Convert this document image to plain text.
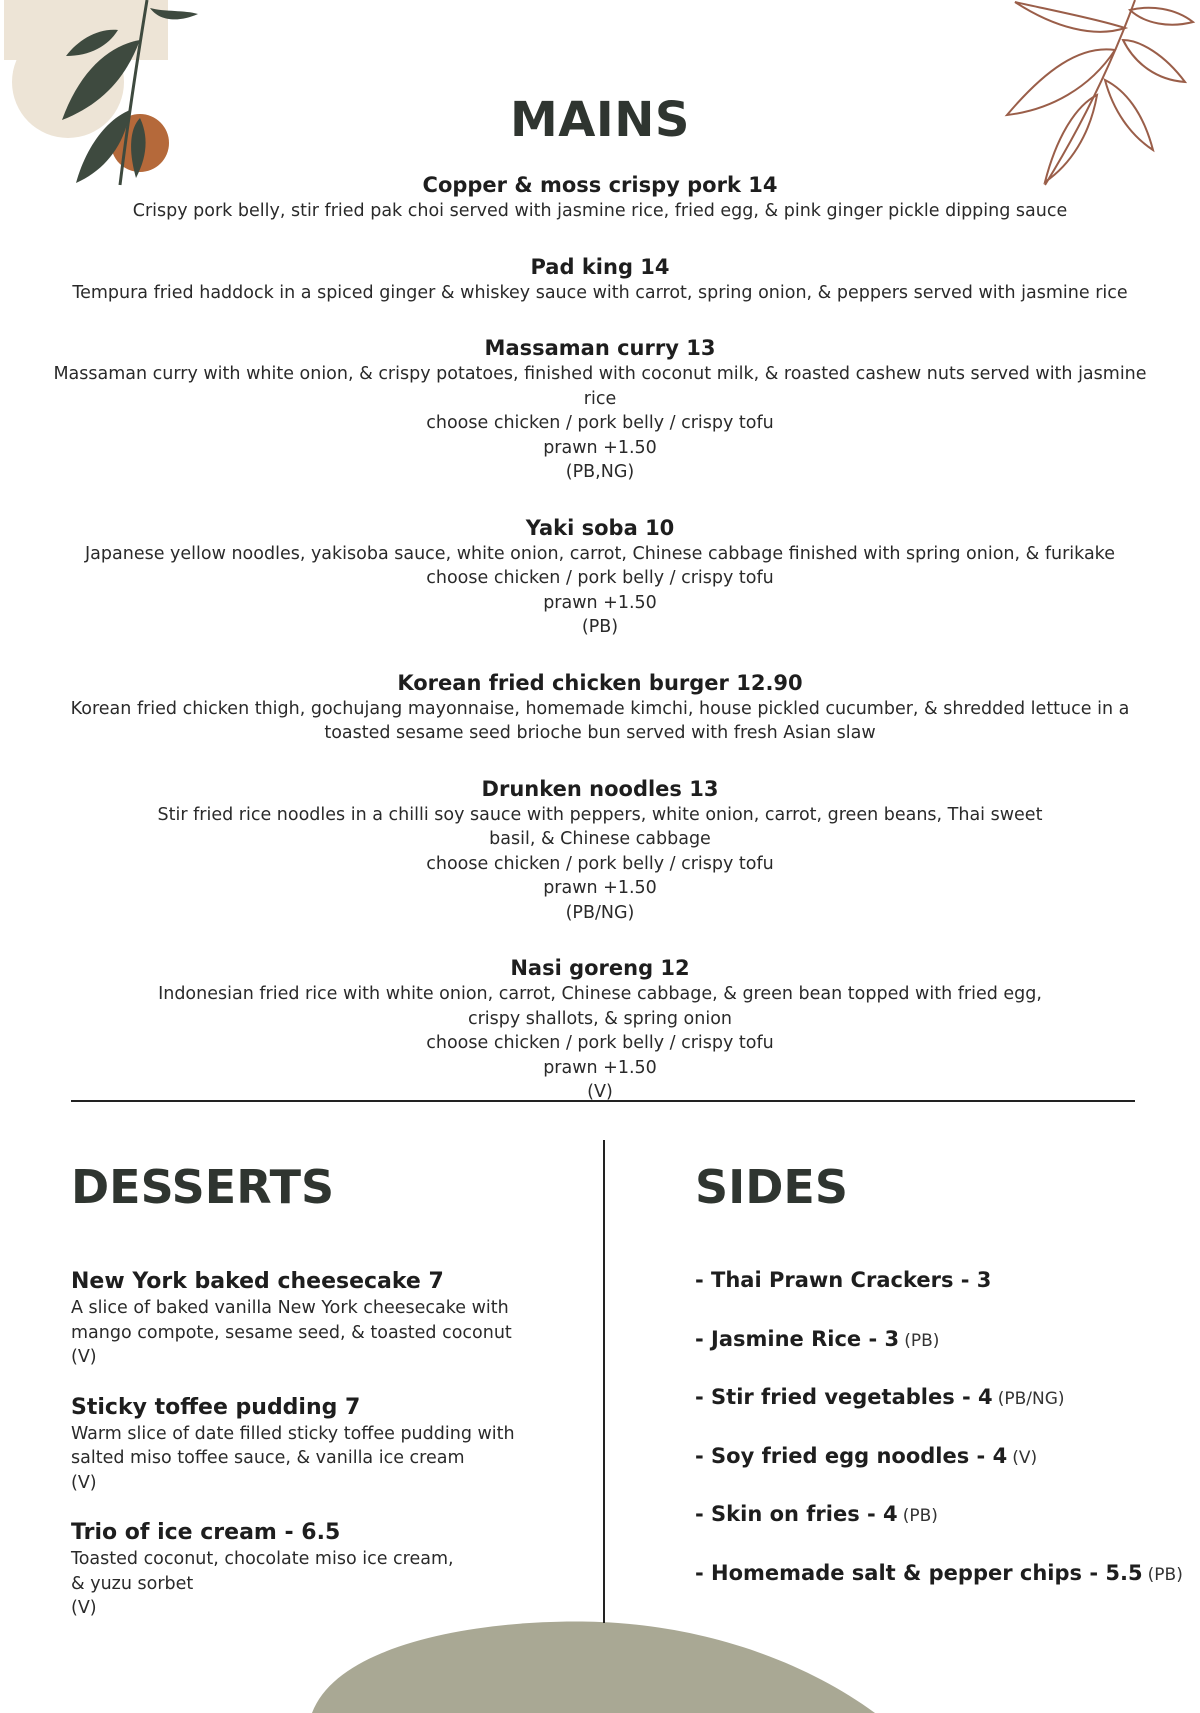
MAINS
Copper & moss crispy pork 14
Crispy pork belly, stir fried pak choi served with jasmine rice, fried egg, & pink ginger pickle dipping sauce
Pad king 14
Tempura fried haddock in a spiced ginger & whiskey sauce with carrot, spring onion, & peppers served with jasmine rice
Massaman curry 13
Massaman curry with white onion, & crispy potatoes, finished with coconut milk, & roasted cashew nuts served with jasmine rice
choose chicken / pork belly / crispy tofu
prawn +1.50
(PB,NG)
Yaki soba 10
Japanese yellow noodles, yakisoba sauce, white onion, carrot, Chinese cabbage finished with spring onion, & furikake
choose chicken / pork belly / crispy tofu
prawn +1.50
(PB)
Korean fried chicken burger 12.90
Korean fried chicken thigh, gochujang mayonnaise, homemade kimchi, house pickled cucumber, & shredded lettuce in a
toasted sesame seed brioche bun served with fresh Asian slaw
Drunken noodles 13
Stir fried rice noodles in a chilli soy sauce with peppers, white onion, carrot, green beans, Thai sweet
basil, & Chinese cabbage
choose chicken / pork belly / crispy tofu
prawn +1.50
(PB/NG)
Nasi goreng 12
Indonesian fried rice with white onion, carrot, Chinese cabbage, & green bean topped with fried egg,
crispy shallots, & spring onion
choose chicken / pork belly / crispy tofu
prawn +1.50
(V)
DESSERTS
New York baked cheesecake 7
A slice of baked vanilla New York cheesecake with
mango compote, sesame seed, & toasted coconut
(V)
Sticky toffee pudding 7
Warm slice of date filled sticky toffee pudding with
salted miso toffee sauce, & vanilla ice cream
(V)
Trio of ice cream - 6.5
Toasted coconut, chocolate miso ice cream,
& yuzu sorbet
(V)
SIDES
- Thai Prawn Crackers - 3
- Jasmine Rice - 3 (PB)
- Stir fried vegetables - 4 (PB/NG)
- Soy fried egg noodles - 4 (V)
- Skin on fries - 4 (PB)
- Homemade salt & pepper chips - 5.5 (PB)
